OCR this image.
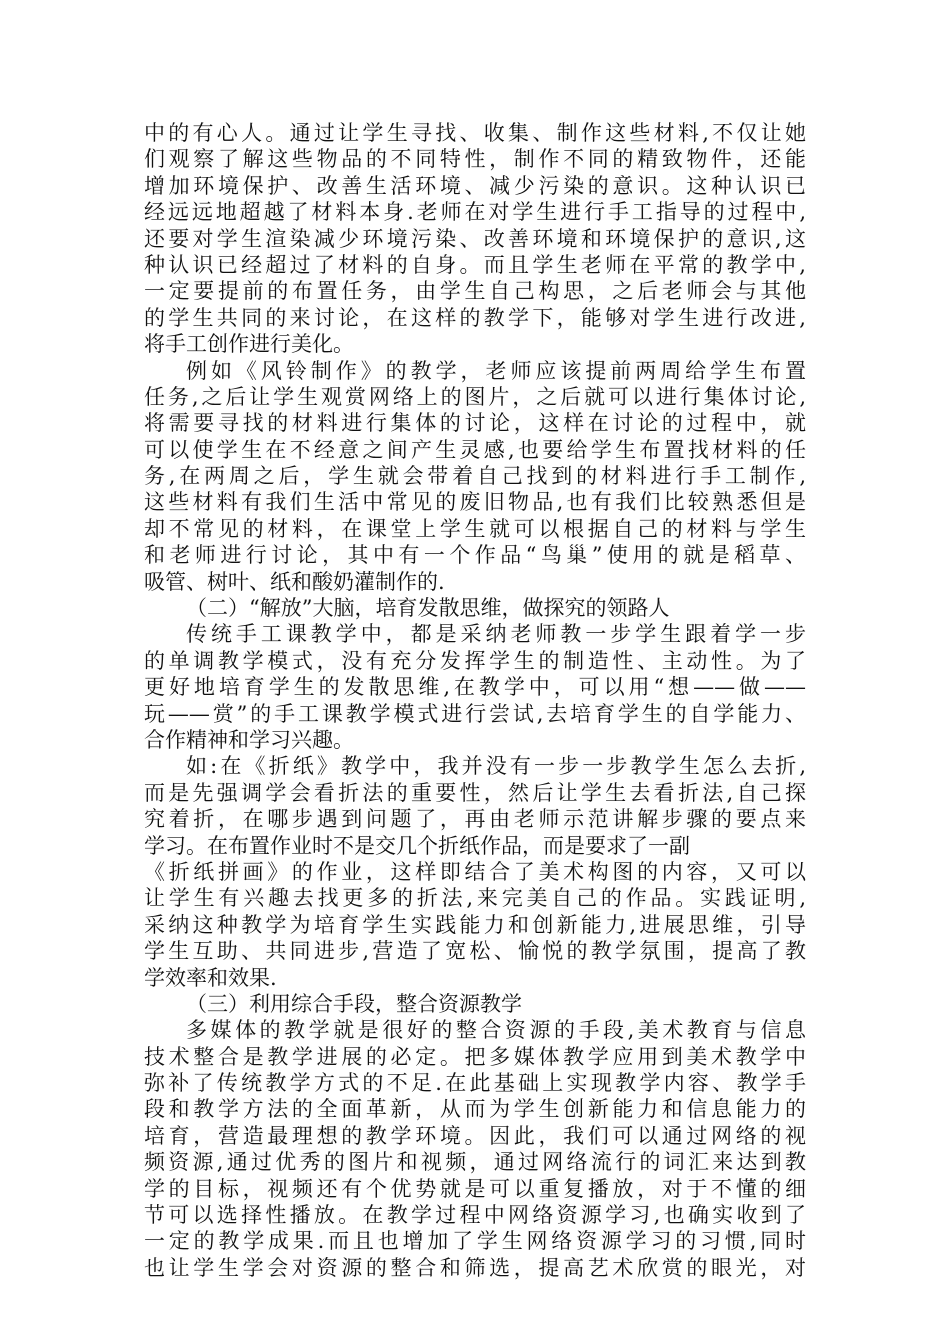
中的有心人。通过让学生寻找、收集、制作这些材料,不仅让她
们观察了解这些物品的不同特性，制作不同的精致物件，还能
增加环境保护、改善生活环境、减少污染的意识。这种认识已
经远远地超越了材料本身.老师在对学生进行手工指导的过程中,
还要对学生渲染减少环境污染、改善环境和环境保护的意识,这
种认识已经超过了材料的自身。而且学生老师在平常的教学中,
一定要提前的布置任务，由学生自己构思，之后老师会与其他
的学生共同的来讨论，在这样的教学下，能够对学生进行改进,
将手工创作进行美化。
例如《风铃制作》的教学，老师应该提前两周给学生布置
任务,之后让学生观赏网络上的图片，之后就可以进行集体讨论,
将需要寻找的材料进行集体的讨论，这样在讨论的过程中，就
可以使学生在不经意之间产生灵感,也要给学生布置找材料的任
务,在两周之后，学生就会带着自己找到的材料进行手工制作,
这些材料有我们生活中常见的废旧物品,也有我们比较熟悉但是
却不常见的材料，在课堂上学生就可以根据自己的材料与学生
和老师进行讨论，其中有一个作品“鸟巢”使用的就是稻草、
吸管、树叶、纸和酸奶灌制作的.
（二）“解放”大脑，培育发散思维，做探究的领路人
传统手工课教学中，都是采纳老师教一步学生跟着学一步
的单调教学模式，没有充分发挥学生的制造性、主动性。为了
更好地培育学生的发散思维,在教学中，可以用“想——做——
玩——赏”的手工课教学模式进行尝试,去培育学生的自学能力、
合作精神和学习兴趣。
如:在《折纸》教学中，我并没有一步一步教学生怎么去折,
而是先强调学会看折法的重要性，然后让学生去看折法,自己探
究着折，在哪步遇到问题了，再由老师示范讲解步骤的要点来
学习。在布置作业时不是交几个折纸作品，而是要求了一副
《折纸拼画》的作业，这样即结合了美术构图的内容，又可以
让学生有兴趣去找更多的折法,来完美自己的作品。实践证明,
采纳这种教学为培育学生实践能力和创新能力,进展思维，引导
学生互助、共同进步,营造了宽松、愉悦的教学氛围，提高了教
学效率和效果.
（三）利用综合手段，整合资源教学
多媒体的教学就是很好的整合资源的手段,美术教育与信息
技术整合是教学进展的必定。把多媒体教学应用到美术教学中
弥补了传统教学方式的不足.在此基础上实现教学内容、教学手
段和教学方法的全面革新，从而为学生创新能力和信息能力的
培育，营造最理想的教学环境。因此，我们可以通过网络的视
频资源,通过优秀的图片和视频，通过网络流行的词汇来达到教
学的目标，视频还有个优势就是可以重复播放，对于不懂的细
节可以选择性播放。在教学过程中网络资源学习,也确实收到了
一定的教学成果.而且也增加了学生网络资源学习的习惯,同时
也让学生学会对资源的整合和筛选，提高艺术欣赏的眼光，对
